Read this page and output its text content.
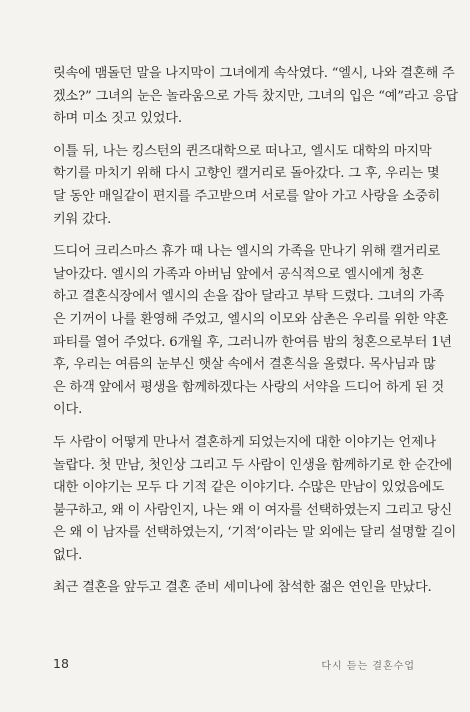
릿속에 맴돌던 말을 나지막이 그녀에게 속삭였다. “엘시, 나와 결혼해 주
겠소?” 그녀의 눈은 놀라움으로 가득 찼지만, 그녀의 입은 “예”라고 응답
하며 미소 짓고 있었다.
이틀 뒤, 나는 킹스턴의 퀸즈대학으로 떠나고, 엘시도 대학의 마지막
학기를 마치기 위해 다시 고향인 캘거리로 돌아갔다. 그 후, 우리는 몇
달 동안 매일같이 편지를 주고받으며 서로를 알아 가고 사랑을 소중히
키워 갔다.
드디어 크리스마스 휴가 때 나는 엘시의 가족을 만나기 위해 캘거리로
날아갔다. 엘시의 가족과 아버님 앞에서 공식적으로 엘시에게 청혼
하고 결혼식장에서 엘시의 손을 잡아 달라고 부탁 드렸다. 그녀의 가족
은 기꺼이 나를 환영해 주었고, 엘시의 이모와 삼촌은 우리를 위한 약혼
파티를 열어 주었다. 6개월 후, 그러니까 한여름 밤의 청혼으로부터 1년
후, 우리는 여름의 눈부신 햇살 속에서 결혼식을 올렸다. 목사님과 많
은 하객 앞에서 평생을 함께하겠다는 사랑의 서약을 드디어 하게 된 것
이다.
두 사람이 어떻게 만나서 결혼하게 되었는지에 대한 이야기는 언제나
놀랍다. 첫 만남, 첫인상 그리고 두 사람이 인생을 함께하기로 한 순간에
대한 이야기는 모두 다 기적 같은 이야기다. 수많은 만남이 있었음에도
불구하고, 왜 이 사람인지, 나는 왜 이 여자를 선택하였는지 그리고 당신
은 왜 이 남자를 선택하였는지, ‘기적’이라는 말 외에는 달리 설명할 길이
없다.
최근 결혼을 앞두고 결혼 준비 세미나에 참석한 젊은 연인을 만났다.
18	다시 듣는 결혼수업
